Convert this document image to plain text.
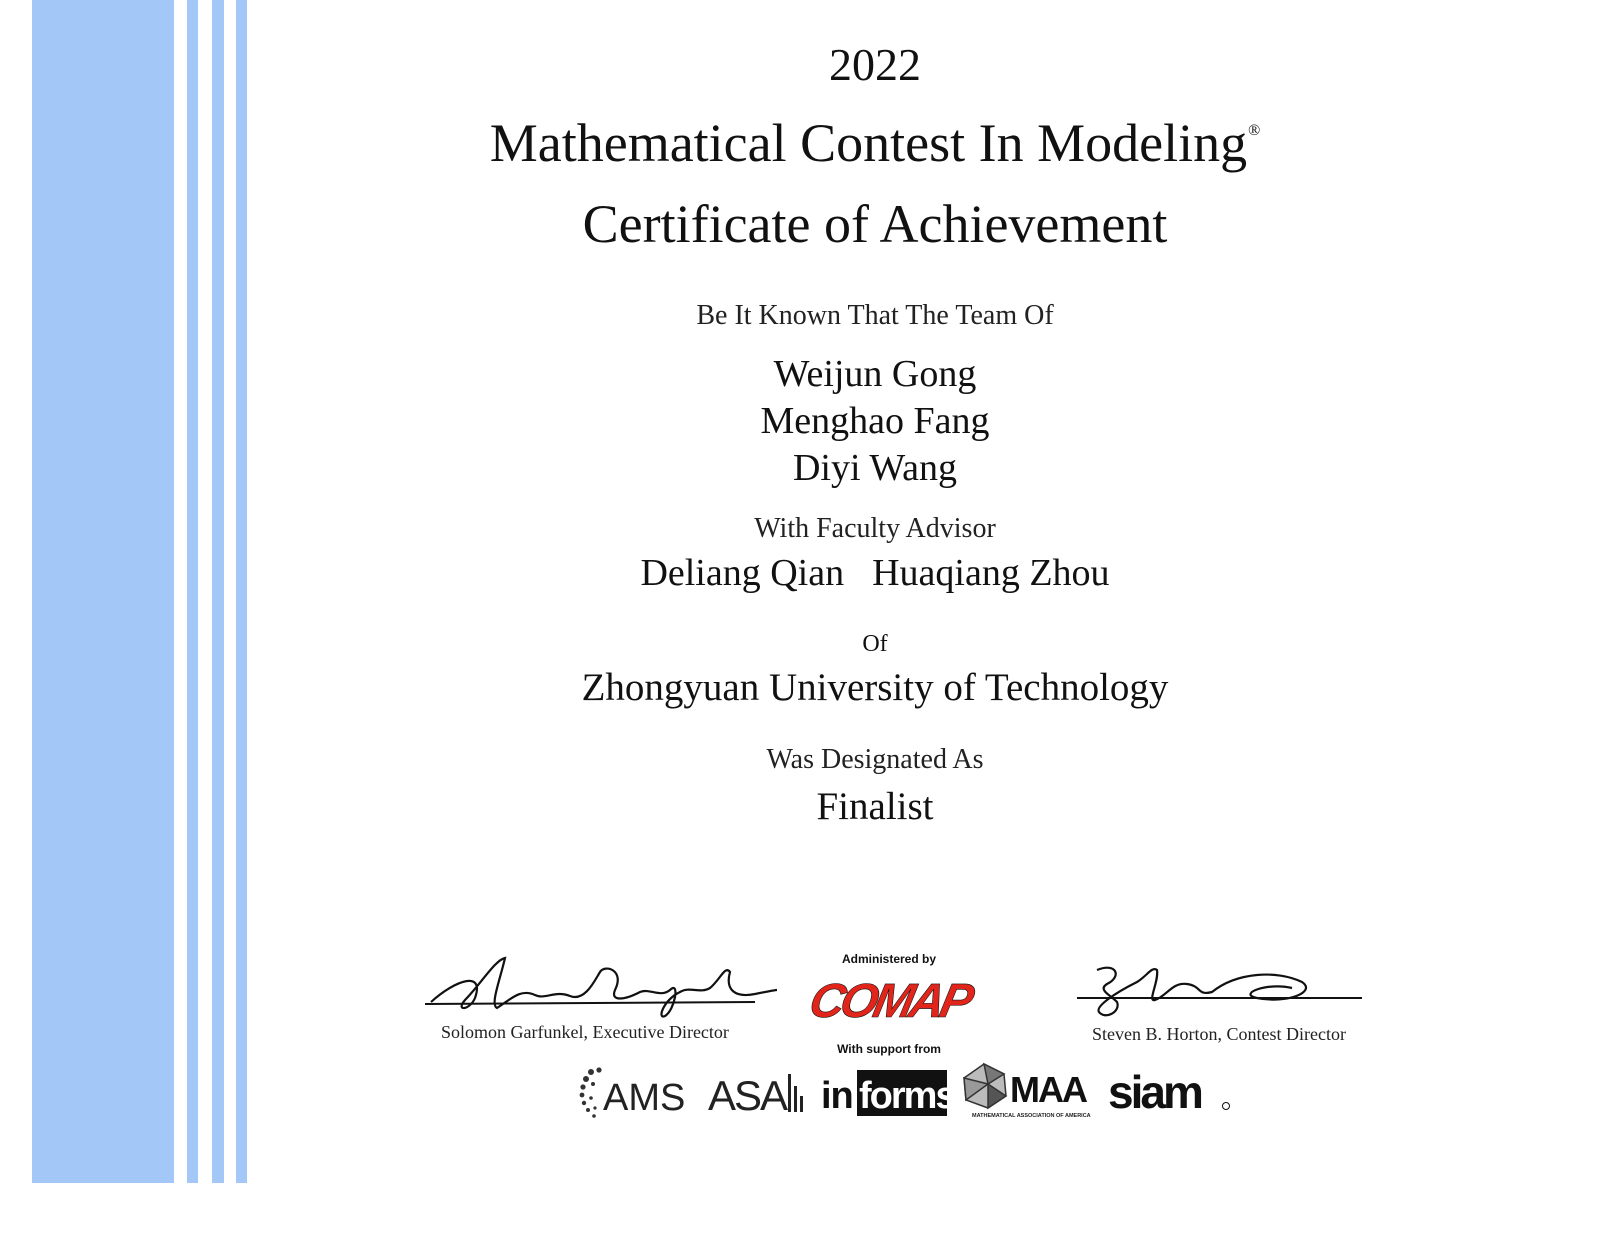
2022
Mathematical Contest In Modeling®
Certificate of Achievement
Be It Known That The Team Of
Weijun Gong
Menghao Fang
Diyi Wang
With Faculty Advisor
Deliang Qian Huaqiang Zhou
Of
Zhongyuan University of Technology
Was Designated As
Finalist
Solomon Garfunkel, Executive Director
Administered by
COMAP
With support from
Steven B. Horton, Contest Director
AMS ASA in forms MAA
MATHEMATICAL ASSOCIATION OF AMERICA siam
